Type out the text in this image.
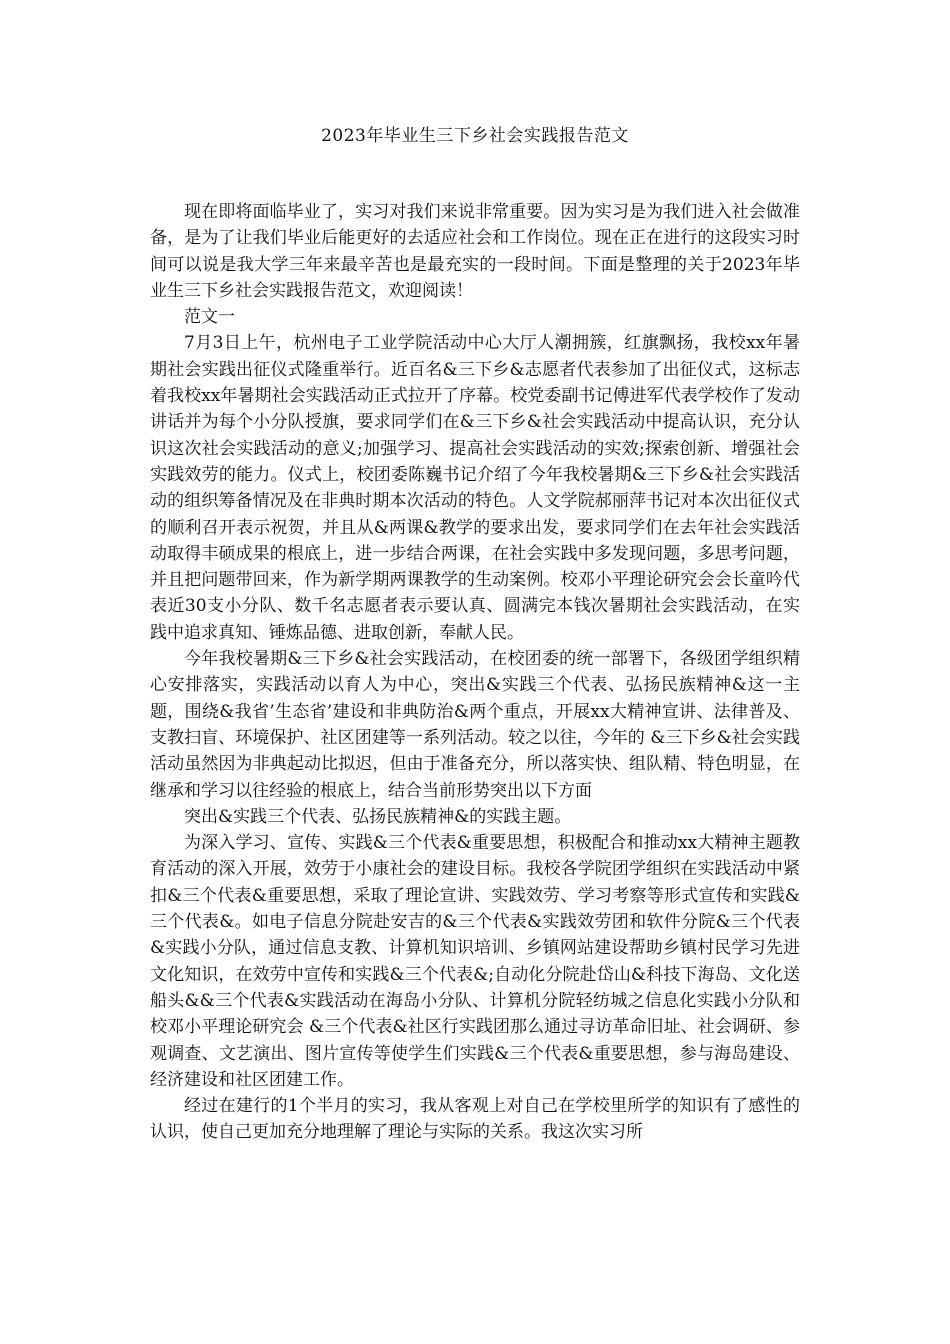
2023年毕业生三下乡社会实践报告范文

现在即将面临毕业了，实习对我们来说非常重要。因为实习是为我们进入社会做准备，是为了让我们毕业后能更好的去适应社会和工作岗位。现在正在进行的这段实习时间可以说是我大学三年来最辛苦也是最充实的一段时间。下面是整理的关于2023年毕业生三下乡社会实践报告范文，欢迎阅读！

范文一

7月3日上午，杭州电子工业学院活动中心大厅人潮拥簇，红旗飘扬，我校xx年暑期社会实践出征仪式隆重举行。近百名&三下乡&志愿者代表参加了出征仪式，这标志着我校xx年暑期社会实践活动正式拉开了序幕。校党委副书记傅进军代表学校作了发动讲话并为每个小分队授旗，要求同学们在&三下乡&社会实践活动中提高认识，充分认识这次社会实践活动的意义;加强学习、提高社会实践活动的实效;探索创新、增强社会实践效劳的能力。仪式上，校团委陈巍书记介绍了今年我校暑期&三下乡&社会实践活动的组织筹备情况及在非典时期本次活动的特色。人文学院郝丽萍书记对本次出征仪式的顺利召开表示祝贺，并且从&两课&教学的要求出发，要求同学们在去年社会实践活动取得丰硕成果的根底上，进一步结合两课，在社会实践中多发现问题，多思考问题，并且把问题带回来，作为新学期两课教学的生动案例。校邓小平理论研究会会长童吟代表近30支小分队、数千名志愿者表示要认真、圆满完本钱次暑期社会实践活动，在实践中追求真知、锤炼品德、进取创新，奉献人民。

今年我校暑期&三下乡&社会实践活动，在校团委的统一部署下，各级团学组织精心安排落实，实践活动以育人为中心，突出&实践三个代表、弘扬民族精神&这一主题，围绕&我省’生态省’建设和非典防治&两个重点，开展xx大精神宣讲、法律普及、支教扫盲、环境保护、社区团建等一系列活动。较之以往，今年的 &三下乡&社会实践活动虽然因为非典起动比拟迟，但由于准备充分，所以落实快、组队精、特色明显，在继承和学习以往经验的根底上，结合当前形势突出以下方面

突出&实践三个代表、弘扬民族精神&的实践主题。

为深入学习、宣传、实践&三个代表&重要思想，积极配合和推动xx大精神主题教育活动的深入开展，效劳于小康社会的建设目标。我校各学院团学组织在实践活动中紧扣&三个代表&重要思想，采取了理论宣讲、实践效劳、学习考察等形式宣传和实践&三个代表&。如电子信息分院赴安吉的&三个代表&实践效劳团和软件分院&三个代表&实践小分队，通过信息支教、计算机知识培训、乡镇网站建设帮助乡镇村民学习先进文化知识，在效劳中宣传和实践&三个代表&;自动化分院赴岱山&科技下海岛、文化送船头&&三个代表&实践活动在海岛小分队、计算机分院轻纺城之信息化实践小分队和校邓小平理论研究会 &三个代表&社区行实践团那么通过寻访革命旧址、社会调研、参观调查、文艺演出、图片宣传等使学生们实践&三个代表&重要思想，参与海岛建设、经济建设和社区团建工作。

经过在建行的1个半月的实习，我从客观上对自己在学校里所学的知识有了感性的认识，使自己更加充分地理解了理论与实际的关系。我这次实习所
